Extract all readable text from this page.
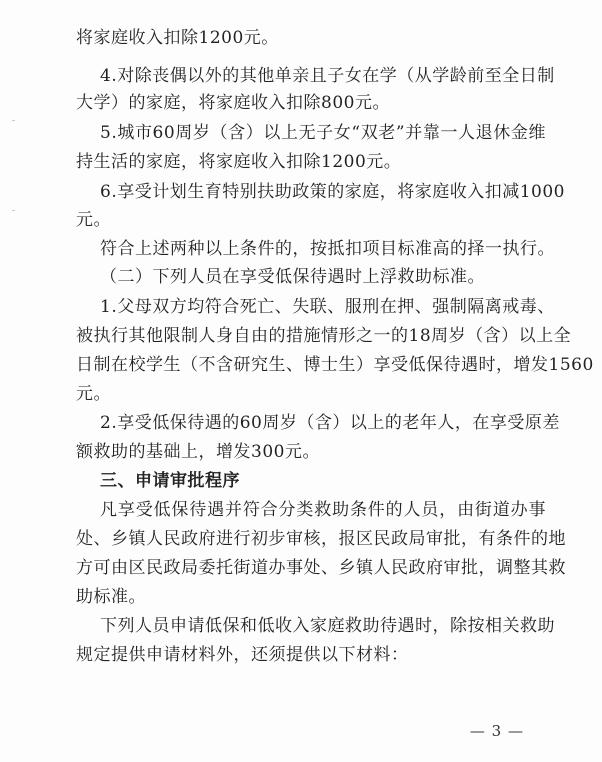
将家庭收入扣除1200元。
4.对除丧偶以外的其他单亲且子女在学（从学龄前至全日制
大学）的家庭，将家庭收入扣除800元。
5.城市60周岁（含）以上无子女“双老”并靠一人退休金维
持生活的家庭，将家庭收入扣除1200元。
6.享受计划生育特别扶助政策的家庭，将家庭收入扣减1000
元。
符合上述两种以上条件的，按抵扣项目标准高的择一执行。
（二）下列人员在享受低保待遇时上浮救助标准。
1.父母双方均符合死亡、失联、服刑在押、强制隔离戒毒、
被执行其他限制人身自由的措施情形之一的18周岁（含）以上全
日制在校学生（不含研究生、博士生）享受低保待遇时，增发1560
元。
2.享受低保待遇的60周岁（含）以上的老年人，在享受原差
额救助的基础上，增发300元。
三、申请审批程序
凡享受低保待遇并符合分类救助条件的人员，由街道办事
处、乡镇人民政府进行初步审核，报区民政局审批，有条件的地
方可由区民政局委托街道办事处、乡镇人民政府审批，调整其救
助标准。
下列人员申请低保和低收入家庭救助待遇时，除按相关救助
规定提供申请材料外，还须提供以下材料：
— 3 —
